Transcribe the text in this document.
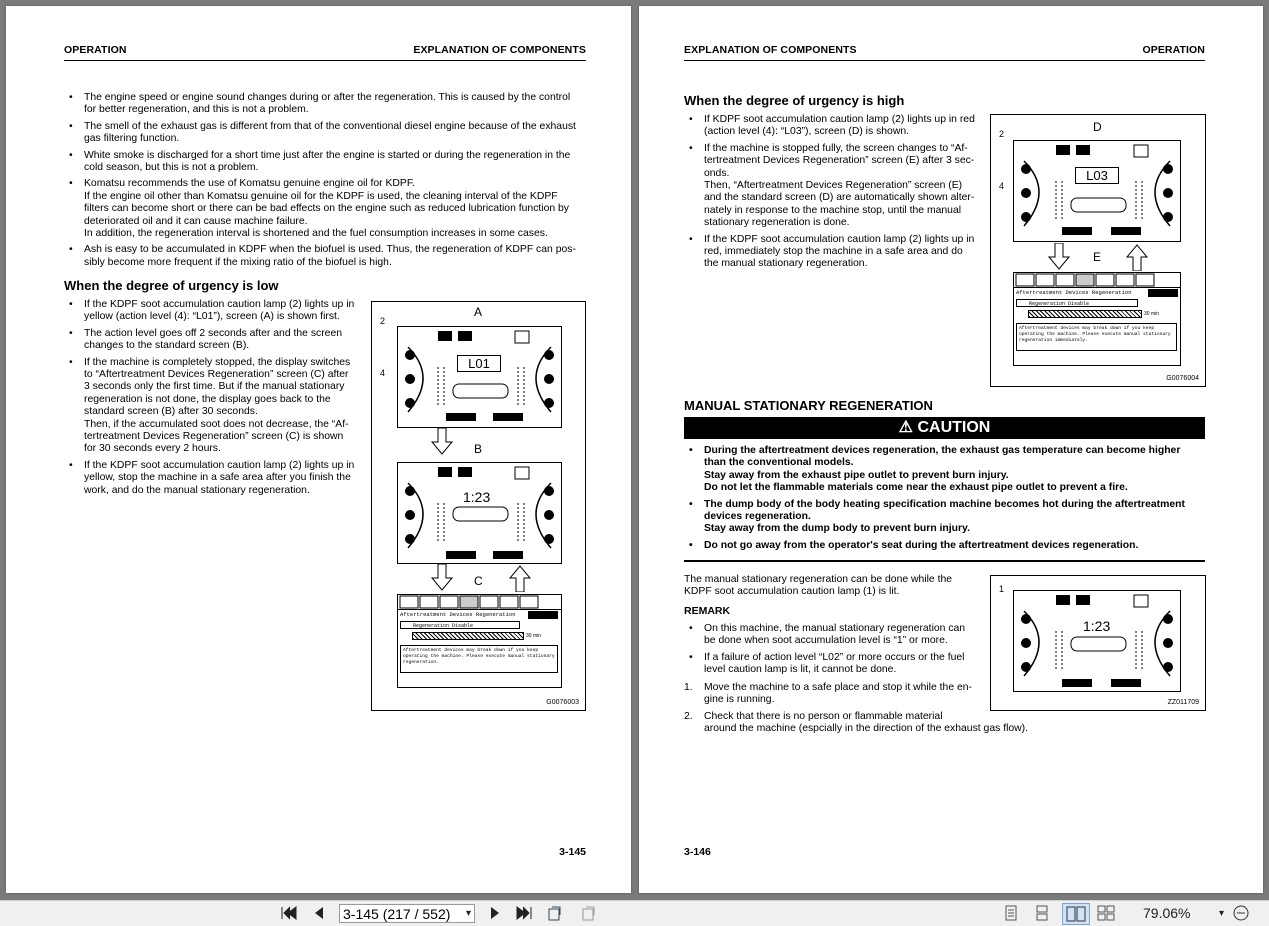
OPERATION	EXPLANATION OF COMPONENTS
• The engine speed or engine sound changes during or after the regeneration. This is caused by the control
for better regeneration, and this is not a problem.
• The smell of the exhaust gas is different from that of the conventional diesel engine because of the exhaust
gas filtering function.
• White smoke is discharged for a short time just after the engine is started or during the regeneration in the
cold season, but this is not a problem.
• Komatsu recommends the use of Komatsu genuine engine oil for KDPF.
If the engine oil other than Komatsu genuine oil for the KDPF is used, the cleaning interval of the KDPF
filters can become short or there can be bad effects on the engine such as reduced lubrication function by
deteriorated oil and it can cause machine failure.
In addition, the regeneration interval is shortened and the fuel consumption increases in some cases.
• Ash is easy to be accumulated in KDPF when the biofuel is used. Thus, the regeneration of KDPF can pos-
sibly become more frequent if the mixing ratio of the biofuel is high.
When the degree of urgency is low
• If the KDPF soot accumulation caution lamp (2) lights up in
yellow (action level (4): “L01”), screen (A) is shown first.
• The action level goes off 2 seconds after and the screen
changes to the standard screen (B).
• If the machine is completely stopped, the display switches
to “Aftertreatment Devices Regeneration” screen (C) after
3 seconds only the first time. But if the manual stationary
regeneration is not done, the display goes back to the
standard screen (B) after 30 seconds.
Then, if the accumulated soot does not decrease, the “Af-
tertreatment Devices Regeneration” screen (C) is shown
for 30 seconds every 2 hours.
• If the KDPF soot accumulation caution lamp (2) lights up in
yellow, stop the machine in a safe area after you finish the
work, and do the manual stationary regeneration.
A
B
C
2
4
L01
1:23
Aftertreatment Devices Regeneration
Regeneration Disable
30 min
Aftertreatment devices may break down if you keep operating the machine. Please execute manual stationary regeneration.
G0076003
3-145
EXPLANATION OF COMPONENTS	OPERATION
When the degree of urgency is high
• If KDPF soot accumulation caution lamp (2) lights up in red
(action level (4): “L03”), screen (D) is shown.
• If the machine is stopped fully, the screen changes to “Af-
tertreatment Devices Regeneration” screen (E) after 3 sec-
onds.
Then, “Aftertreatment Devices Regeneration” screen (E)
and the standard screen (D) are automatically shown alter-
nately in response to the machine stop, until the manual
stationary regeneration is done.
• If the KDPF soot accumulation caution lamp (2) lights up in
red, immediately stop the machine in a safe area and do
the manual stationary regeneration.
D
E
2
4
L03
Aftertreatment Devices Regeneration
Regeneration Disable
30 min
Aftertreatment devices may break down if you keep operating the machine. Please execute manual stationary regeneration immediately.
G0076004
MANUAL STATIONARY REGENERATION
⚠ CAUTION
• During the aftertreatment devices regeneration, the exhaust gas temperature can become higher
than the conventional models.
Stay away from the exhaust pipe outlet to prevent burn injury.
Do not let the flammable materials come near the exhaust pipe outlet to prevent a fire.
• The dump body of the body heating specification machine becomes hot during the aftertreatment
devices regeneration.
Stay away from the dump body to prevent burn injury.
• Do not go away from the operator's seat during the aftertreatment devices regeneration.
The manual stationary regeneration can be done while the
KDPF soot accumulation caution lamp (1) is lit.
REMARK
• On this machine, the manual stationary regeneration can
be done when soot accumulation level is “1” or more.
• If a failure of action level “L02” or more occurs or the fuel
level caution lamp is lit, it cannot be done.
1. Move the machine to a safe place and stop it while the en-
gine is running.
2. Check that there is no person or flammable material
around the machine (espcially in the direction of the exhaust gas flow).
1
1:23
ZZ011709
3-146
3-145 (217 / 552)	▾	79.06%	▾
